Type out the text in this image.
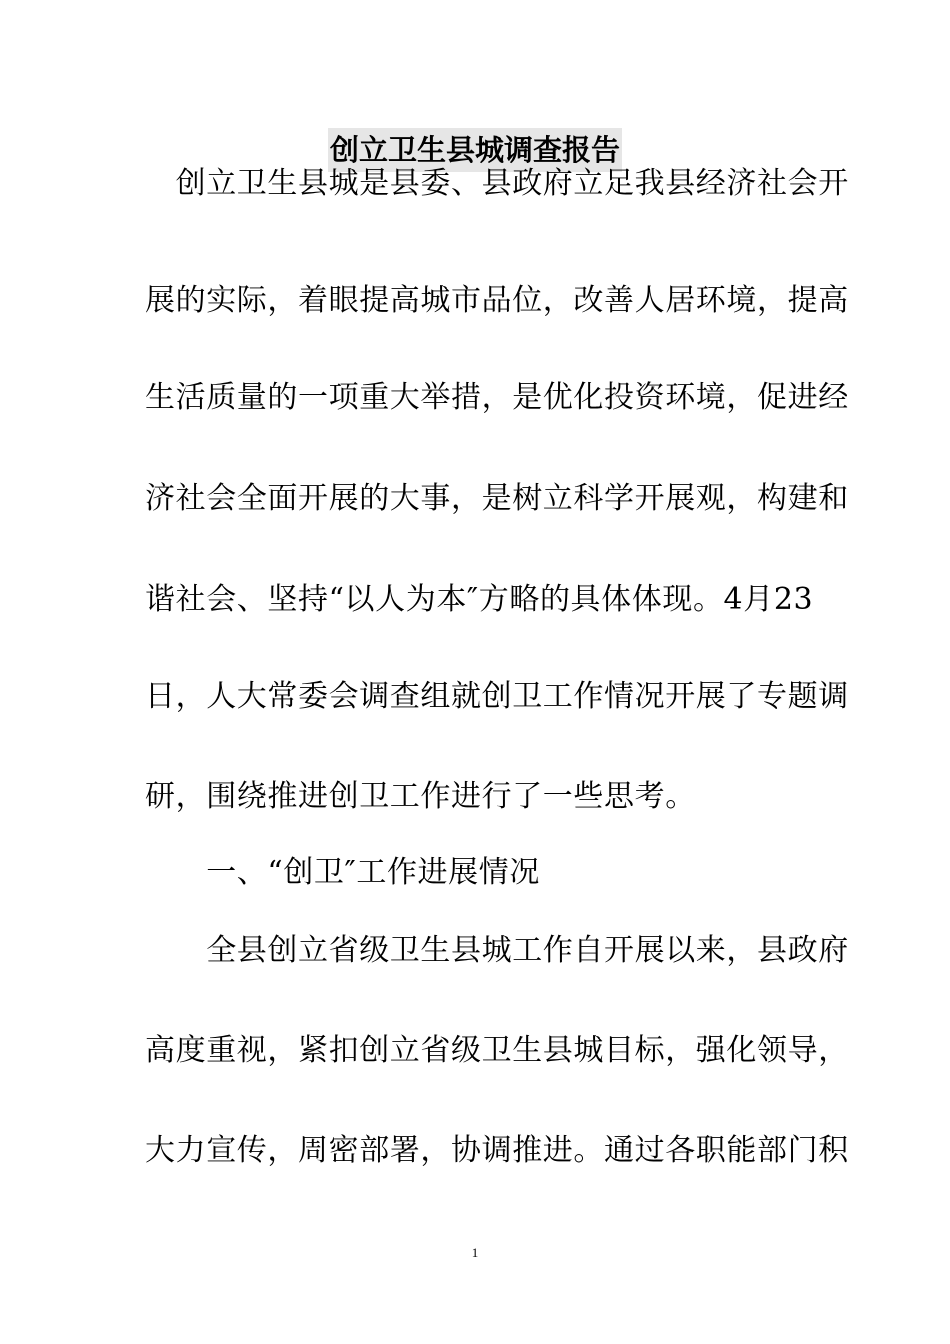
创立卫生县城调查报告
　创立卫生县城是县委、县政府立足我县经济社会开
展的实际，着眼提高城市品位，改善人居环境，提高
生活质量的一项重大举措，是优化投资环境，促进经
济社会全面开展的大事，是树立科学开展观，构建和
谐社会、坚持“以人为本″方略的具体体现。4月23
日，人大常委会调查组就创卫工作情况开展了专题调
研，围绕推进创卫工作进行了一些思考。
　　一、“创卫″工作进展情况
　　全县创立省级卫生县城工作自开展以来，县政府
高度重视，紧扣创立省级卫生县城目标，强化领导，
大力宣传，周密部署，协调推进。通过各职能部门积
1
